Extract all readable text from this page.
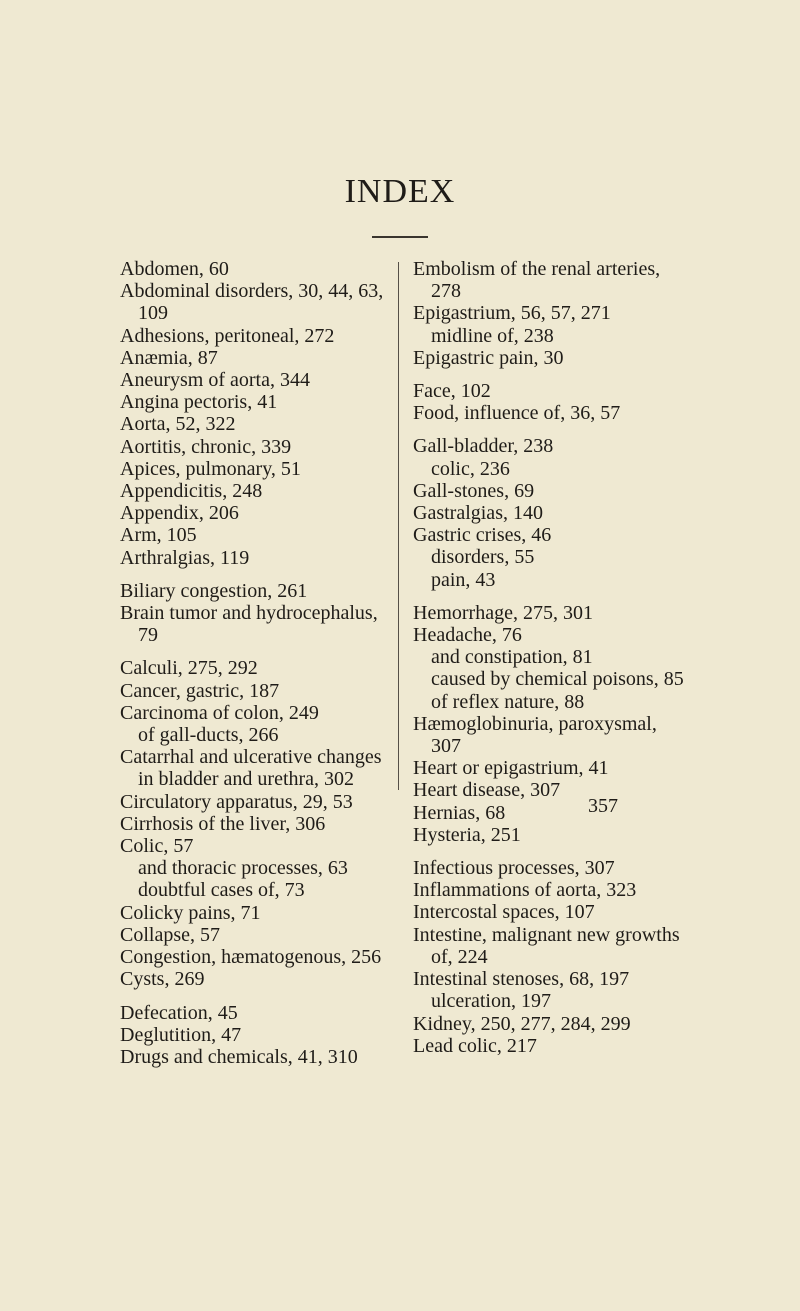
INDEX
Abdomen, 60
Abdominal disorders, 30, 44, 63, 109
Adhesions, peritoneal, 272
Anæmia, 87
Aneurysm of aorta, 344
Angina pectoris, 41
Aorta, 52, 322
Aortitis, chronic, 339
Apices, pulmonary, 51
Appendicitis, 248
Appendix, 206
Arm, 105
Arthralgias, 119
Biliary congestion, 261
Brain tumor and hydrocephalus, 79
Calculi, 275, 292
Cancer, gastric, 187
Carcinoma of colon, 249
of gall-ducts, 266
Catarrhal and ulcerative changes in bladder and urethra, 302
Circulatory apparatus, 29, 53
Cirrhosis of the liver, 306
Colic, 57
and thoracic processes, 63
doubtful cases of, 73
Colicky pains, 71
Collapse, 57
Congestion, hæmatogenous, 256
Cysts, 269
Defecation, 45
Deglutition, 47
Drugs and chemicals, 41, 310
Embolism of the renal arteries, 278
Epigastrium, 56, 57, 271
midline of, 238
Epigastric pain, 30
Face, 102
Food, influence of, 36, 57
Gall-bladder, 238
colic, 236
Gall-stones, 69
Gastralgias, 140
Gastric crises, 46
disorders, 55
pain, 43
Hemorrhage, 275, 301
Headache, 76
and constipation, 81
caused by chemical poisons, 85
of reflex nature, 88
Hæmoglobinuria, paroxysmal, 307
Heart or epigastrium, 41
Heart disease, 307
Hernias, 68
Hysteria, 251
Infectious processes, 307
Inflammations of aorta, 323
Intercostal spaces, 107
Intestine, malignant new growths of, 224
Intestinal stenoses, 68, 197
ulceration, 197
Kidney, 250, 277, 284, 299
Lead colic, 217
357
